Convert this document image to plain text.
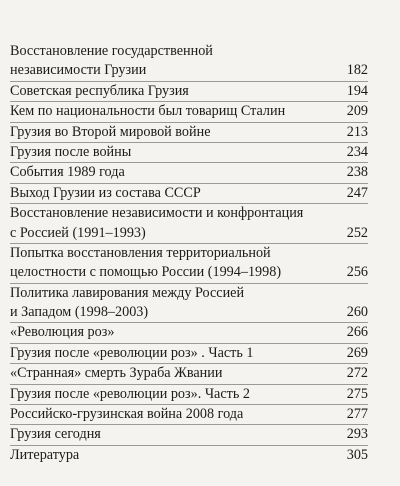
Восстановление государственной
независимости Грузии	182
Советская республика Грузия	194
Кем по национальности был товарищ Сталин	209
Грузия во Второй мировой войне	213
Грузия после войны	234
События 1989 года	238
Выход Грузии из состава СССР	247
Восстановление независимости и конфронтация
с Россией (1991–1993)	252
Попытка восстановления территориальной
целостности с помощью России (1994–1998)	256
Политика лавирования между Россией
и Западом (1998–2003)	260
«Революция роз»	266
Грузия после «революции роз» . Часть 1	269
«Странная» смерть Зураба Жвании	272
Грузия после «революции роз». Часть 2	275
Российско-грузинская война 2008 года	277
Грузия сегодня	293
Литература	305
